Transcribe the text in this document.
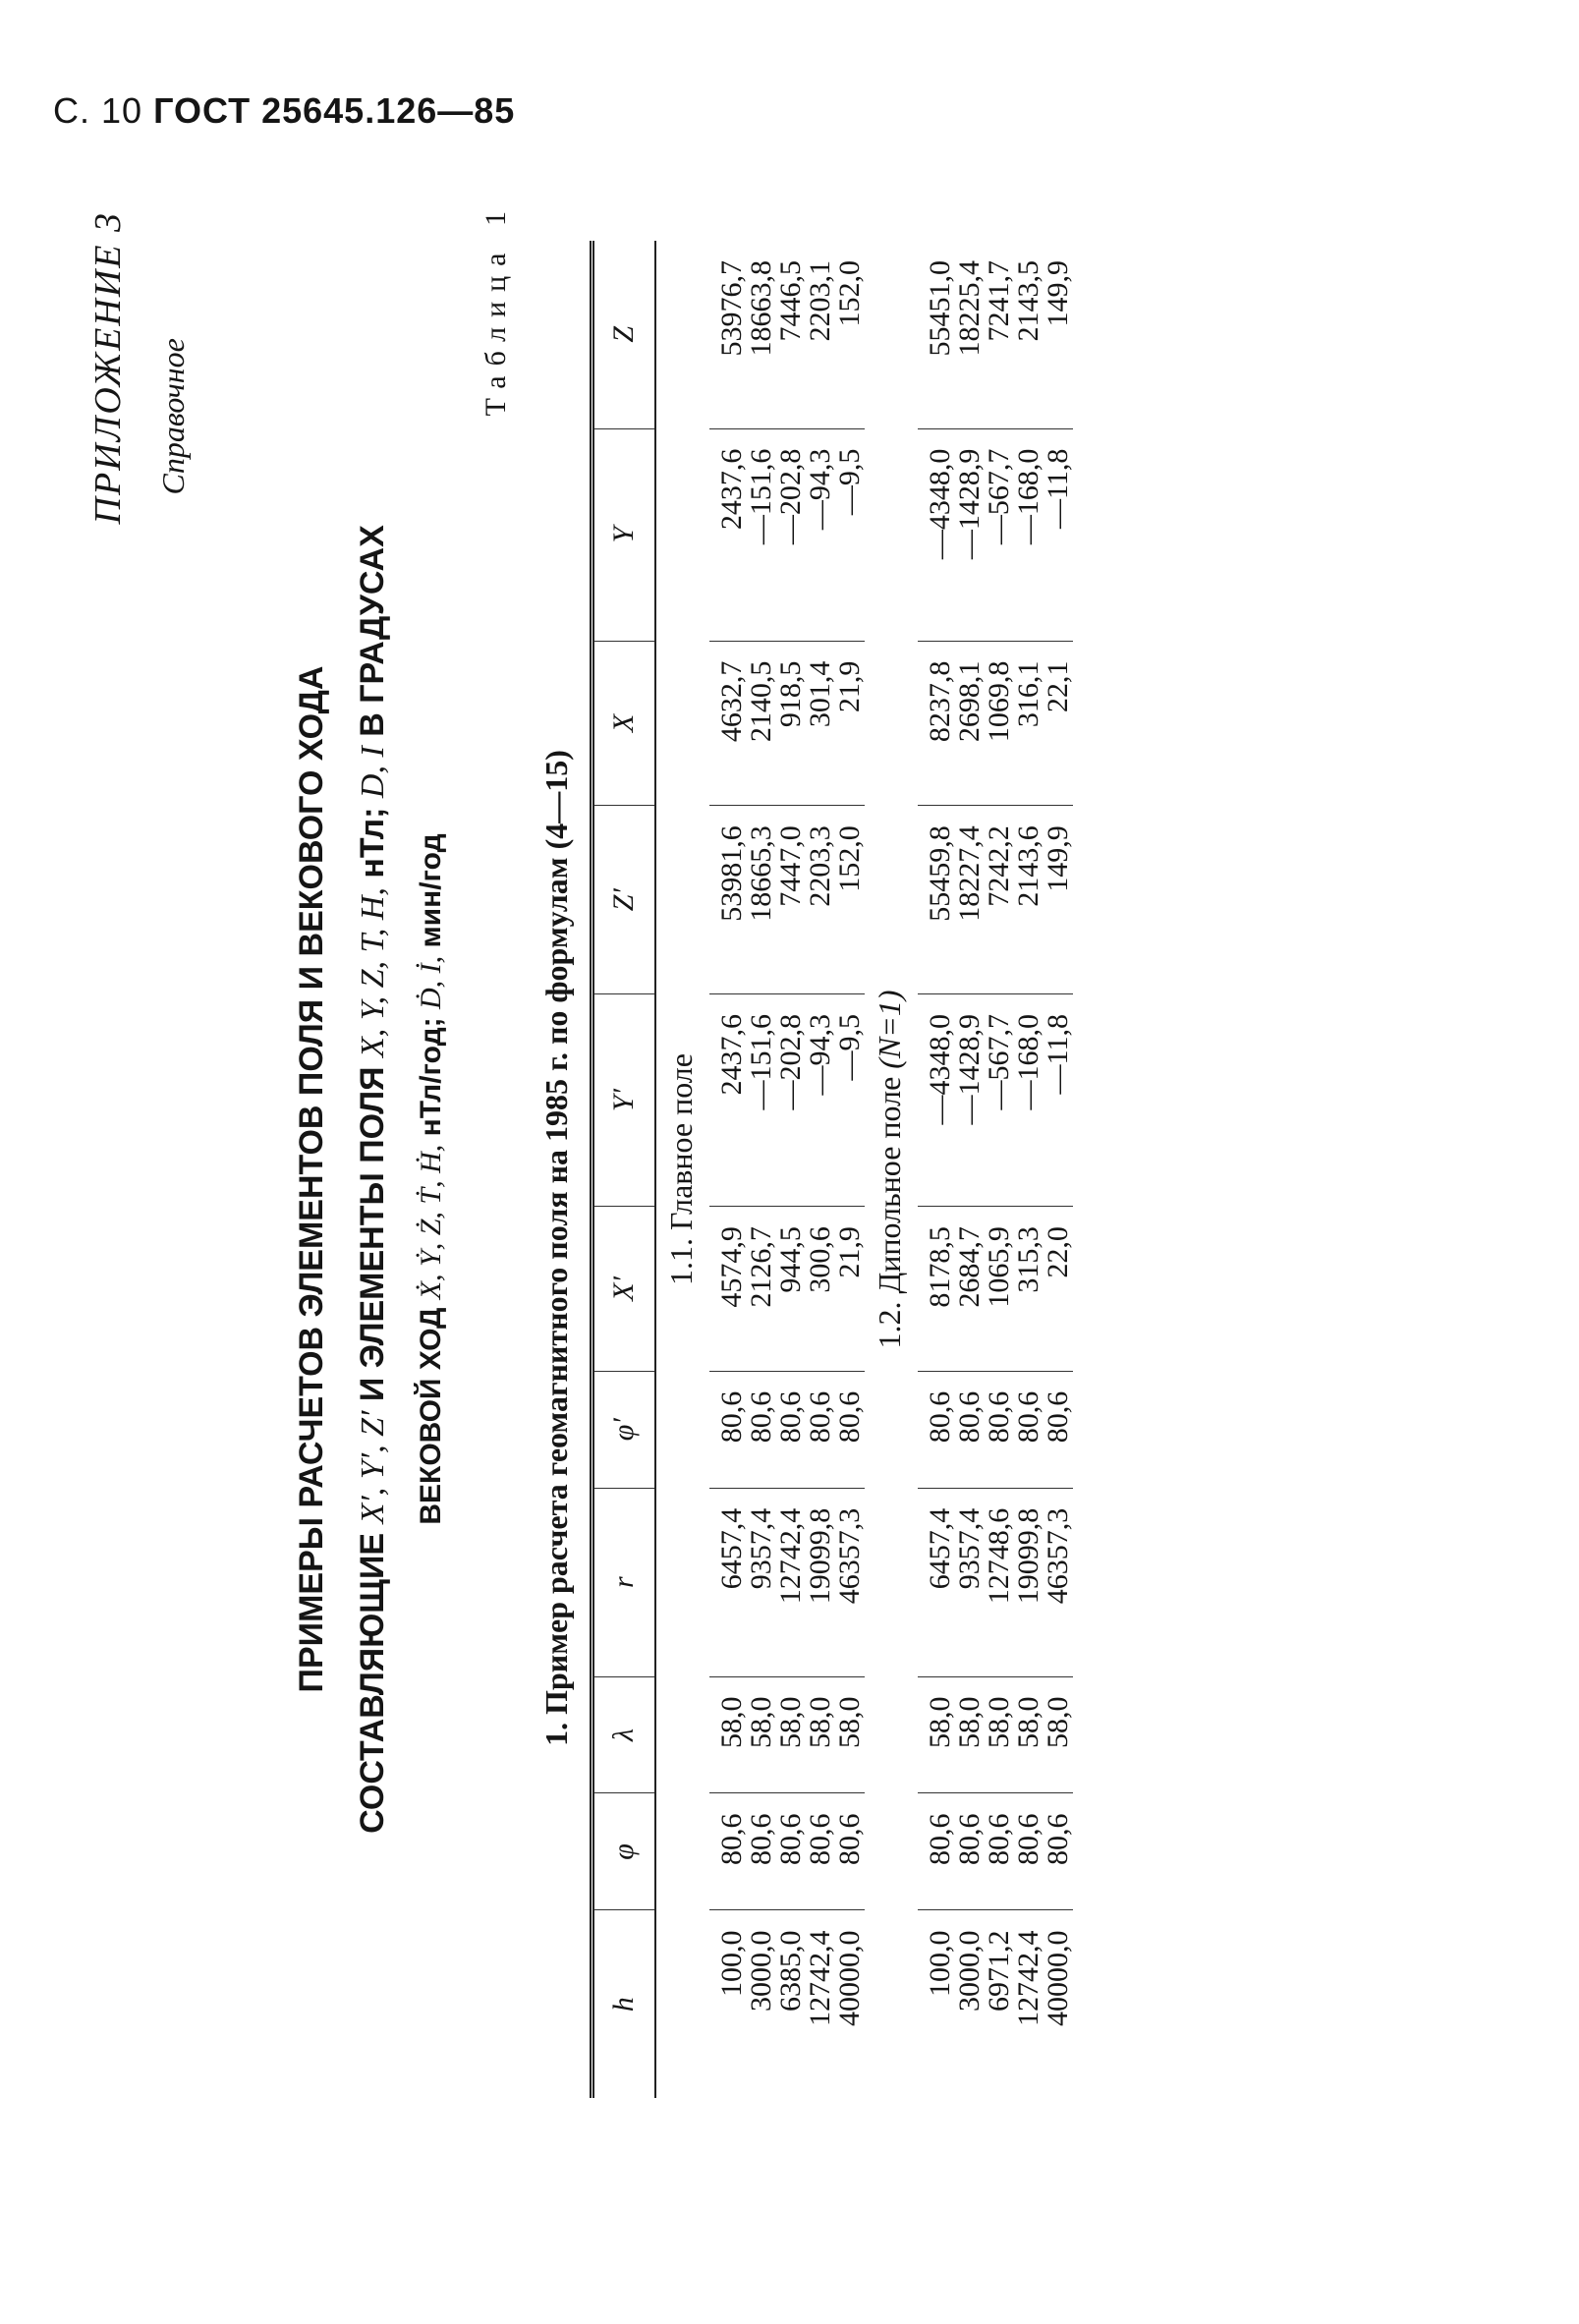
С. 10 ГОСТ 25645.126—85
ПРИЛОЖЕНИЕ 3 Справочное
ПРИМЕРЫ РАСЧЕТОВ ЭЛЕМЕНТОВ ПОЛЯ И ВЕКОВОГО ХОДА СОСТАВЛЯЮЩИЕ X′, Y′, Z′ И ЭЛЕМЕНТЫ ПОЛЯ X, Y, Z, T, H, нТл; D, I В ГРАДУСАХ
ВЕКОВОЙ ХОД Ẋ, Ẏ, Ż, Ṫ, Ḣ, нТл/год; Ḋ, İ, мин/год
Таблица 1
1. Пример расчета геомагнитного поля на 1985 г. по формулам (4—15)
h	φ	λ	r	φ′	X′	Y′	Z′	X	Y	Z
1.1. Главное поле										
100,0	80,6	58,0	6457,4	80,6	4574,9	2437,6	53981,6	4632,7	2437,6	53976,7
3000,0	80,6	58,0	9357,4	80,6	2126,7	—151,6	18665,3	2140,5	—151,6	18663,8
6385,0	80,6	58,0	12742,4	80,6	944,5	—202,8	7447,0	918,5	—202,8	7446,5
12742,4	80,6	58,0	19099,8	80,6	300,6	—94,3	2203,3	301,4	—94,3	2203,1
40000,0	80,6	58,0	46357,3	80,6	21,9	—9,5	152,0	21,9	—9,5	152,0
1.2. Дипольное поле (N=1)										
100,0	80,6	58,0	6457,4	80,6	8178,5	—4348,0	55459,8	8237,8	—4348,0	55451,0
3000,0	80,6	58,0	9357,4	80,6	2684,7	—1428,9	18227,4	2698,1	—1428,9	18225,4
6971,2	80,6	58,0	12748,6	80,6	1065,9	—567,7	7242,2	1069,8	—567,7	7241,7
12742,4	80,6	58,0	19099,8	80,6	315,3	—168,0	2143,6	316,1	—168,0	2143,5
40000,0	80,6	58,0	46357,3	80,6	22,0	—11,8	149,9	22,1	—11,8	149,9
